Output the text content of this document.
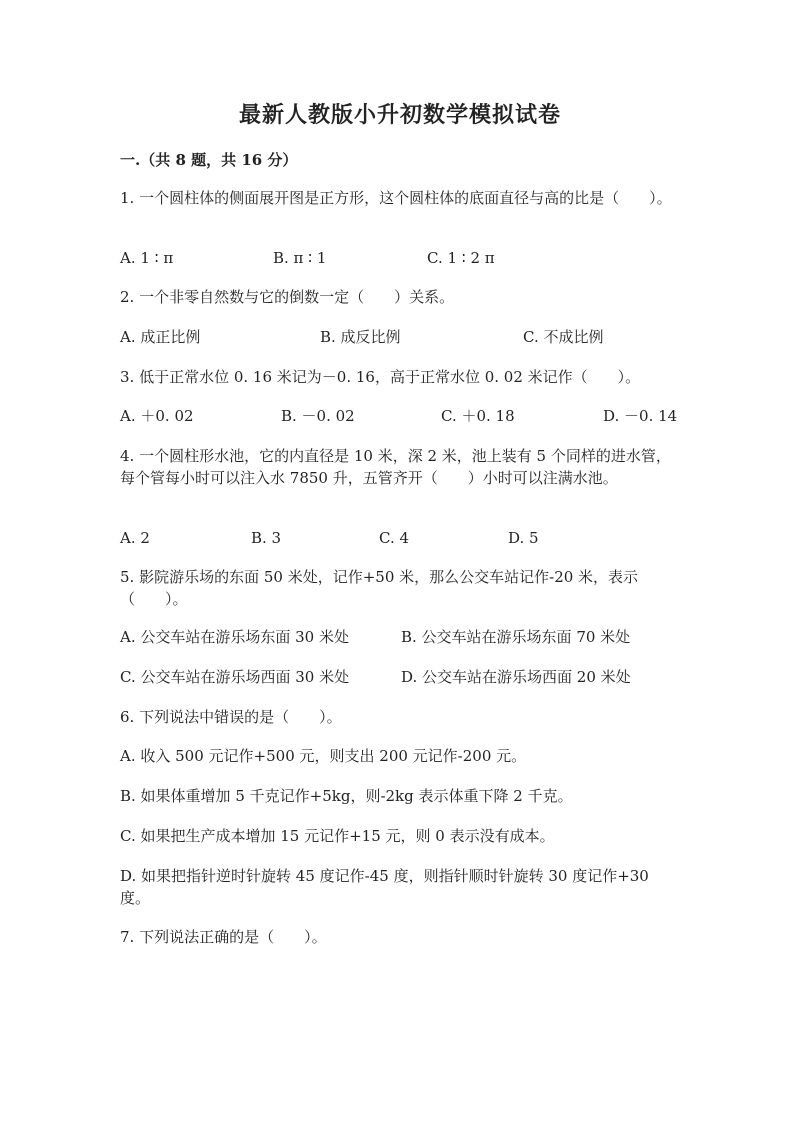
最新人教版小升初数学模拟试卷
一.（共 8 题，共 16 分）
1. 一个圆柱体的侧面展开图是正方形，这个圆柱体的底面直径与高的比是（　　）。
A. 1 ∶ π	B. π ∶ 1	C. 1 ∶ 2 π
2. 一个非零自然数与它的倒数一定（　　）关系。
A. 成正比例	B. 成反比例	C. 不成比例
3. 低于正常水位 0. 16 米记为－0. 16，高于正常水位 0. 02 米记作（　　）。
A. ＋0. 02	B. －0. 02	C. ＋0. 18	D. －0. 14
4. 一个圆柱形水池，它的内直径是 10 米，深 2 米，池上装有 5 个同样的进水管，每个管每小时可以注入水 7850 升，五管齐开（　　）小时可以注满水池。
A. 2	B. 3	C. 4	D. 5
5. 影院游乐场的东面 50 米处，记作+50 米，那么公交车站记作-20 米，表示（　　）。
A. 公交车站在游乐场东面 30 米处	B. 公交车站在游乐场东面 70 米处
C. 公交车站在游乐场西面 30 米处	D. 公交车站在游乐场西面 20 米处
6. 下列说法中错误的是（　　）。
A. 收入 500 元记作+500 元，则支出 200 元记作-200 元。
B. 如果体重增加 5 千克记作+5kg，则-2kg 表示体重下降 2 千克。
C. 如果把生产成本增加 15 元记作+15 元，则 0 表示没有成本。
D. 如果把指针逆时针旋转 45 度记作-45 度，则指针顺时针旋转 30 度记作+30 度。
7. 下列说法正确的是（　　）。
